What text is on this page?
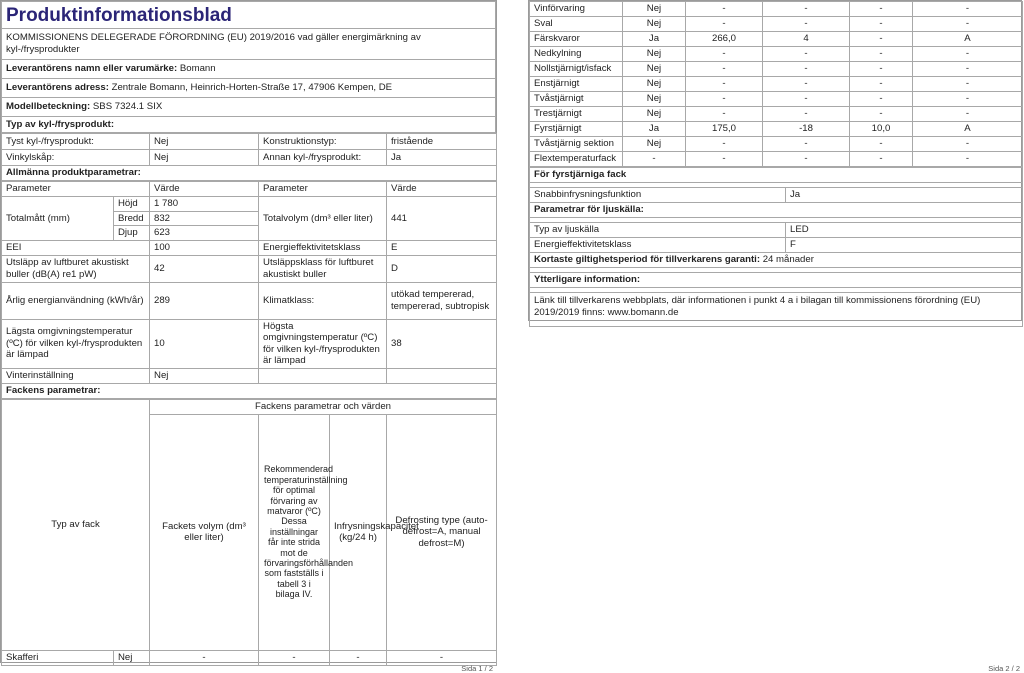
Produktinformationsblad
KOMMISSIONENS DELEGERADE FÖRORDNING (EU) 2019/2016 vad gäller energimärkning av kyl-/frysprodukter
Leverantörens namn eller varumärke: Bomann
Leverantörens adress: Zentrale Bomann, Heinrich-Horten-Straße 17, 47906 Kempen, DE
Modellbeteckning: SBS 7324.1 SIX
Typ av kyl-/frysprodukt:
Tyst kyl-/frysprodukt:	Nej	Konstruktionstyp:	fristående
Vinkylskåp:	Nej	Annan kyl-/frysprodukt:	Ja
Allmänna produktparametrar:			
Parameter		Värde	Parameter	Värde
Totalmått (mm)	Höjd	1 780	Totalvolym (dm³ eller liter)	441
	Bredd	832		
	Djup	623		
EEI		100	Energieffektivitetsklass	E
Utsläpp av luftburet akustiskt buller (dB(A) re1 pW)		42	Utsläppsklass för luftburet akustiskt buller	D
Årlig energianvändning (kWh/år)		289	Klimatklass:	utökad tempererad, tempererad, subtropisk
Lägsta omgivningstemperatur (ºC) för vilken kyl-/frysprodukten är lämpad		10	Högsta omgivningstemperatur (ºC) för vilken kyl-/frysprodukten är lämpad	38
Vinterinställning		Nej		
Fackens parametrar:				
Typ av fack		Fackens parametrar och värden			
		Fackets volym (dm³ eller liter)	Rekommenderad temperaturinställning för optimal förvaring av matvaror (ºC) Dessa inställningar får inte strida mot de förvaringsförhållanden som fastställs i tabell 3 i bilaga IV.	Infrysningskapacitet (kg/24 h)	Defrosting type (auto-defrost=A, manual defrost=M)
Skafferi	Nej	-	-	-	-
Sida 1 / 2
Vinförvaring	Nej	-	-	-	-
Sval	Nej	-	-	-	-
Färskvaror	Ja	266,0	4	-	A
Nedkylning	Nej	-	-	-	-
Nollstjärnigt/isfack	Nej	-	-	-	-
Enstjärnigt	Nej	-	-	-	-
Tvåstjärnigt	Nej	-	-	-	-
Trestjärnigt	Nej	-	-	-	-
Fyrstjärnigt	Ja	175,0	-18	10,0	A
Tvåstjärnig sektion	Nej	-	-	-	-
Flextemperaturfack	-	-	-	-	-
För fyrstjärniga fack	

Snabbinfrysningsfunktion	Ja
Parametrar för ljuskälla:	

Typ av ljuskälla	LED
Energieffektivitetsklass	F
Kortaste giltighetsperiod för tillverkarens garanti: 24 månader	

Ytterligare information:	

Länk till tillverkarens webbplats, där informationen i punkt 4 a i bilagan till kommissionens förordning (EU) 2019/2019 finns: www.bomann.de	
Sida 2 / 2
